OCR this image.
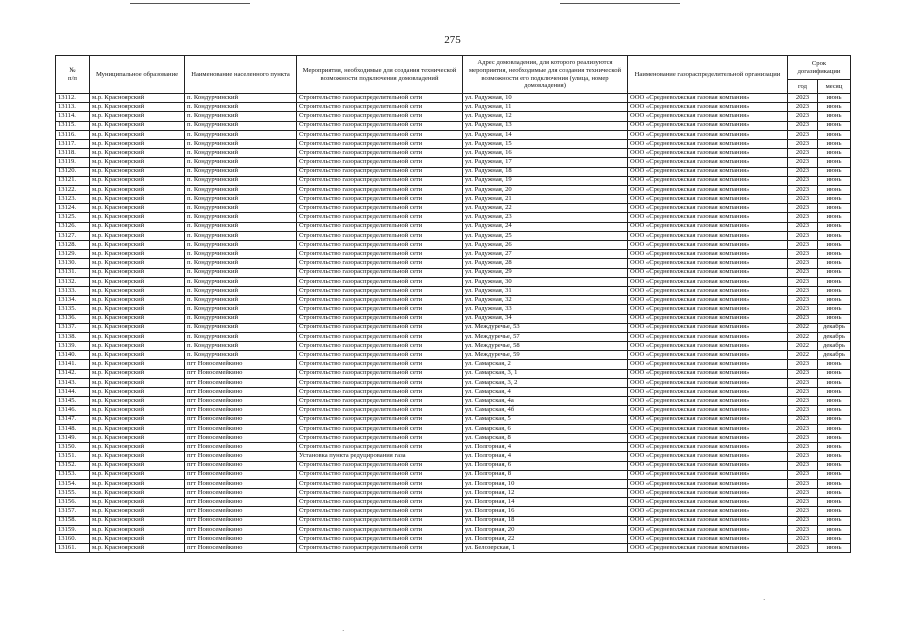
275
№
п/п	Муниципальное образование	Наименование населенного пункта	Мероприятия, необходимые для создания технической возможности подключения домовладений	Адрес домовладения, для которого реализуются мероприятия, необходимые для создания технической возможности его подключения (улица, номер домовладения)	Наименование газораспределительной организации	Срок догазификации	
						год	месяц
13112.	м.р. Красноярский	п. Кондурчинский	Строительство газораспределительной сети	ул. Радужная, 10	ООО «Средневолжская газовая компания»	2023	июнь
13113.	м.р. Красноярский	п. Кондурчинский	Строительство газораспределительной сети	ул. Радужная, 11	ООО «Средневолжская газовая компания»	2023	июнь
13114.	м.р. Красноярский	п. Кондурчинский	Строительство газораспределительной сети	ул. Радужная, 12	ООО «Средневолжская газовая компания»	2023	июнь
13115.	м.р. Красноярский	п. Кондурчинский	Строительство газораспределительной сети	ул. Радужная, 13	ООО «Средневолжская газовая компания»	2023	июнь
13116.	м.р. Красноярский	п. Кондурчинский	Строительство газораспределительной сети	ул. Радужная, 14	ООО «Средневолжская газовая компания»	2023	июнь
13117.	м.р. Красноярский	п. Кондурчинский	Строительство газораспределительной сети	ул. Радужная, 15	ООО «Средневолжская газовая компания»	2023	июнь
13118.	м.р. Красноярский	п. Кондурчинский	Строительство газораспределительной сети	ул. Радужная, 16	ООО «Средневолжская газовая компания»	2023	июнь
13119.	м.р. Красноярский	п. Кондурчинский	Строительство газораспределительной сети	ул. Радужная, 17	ООО «Средневолжская газовая компания»	2023	июнь
13120.	м.р. Красноярский	п. Кондурчинский	Строительство газораспределительной сети	ул. Радужная, 18	ООО «Средневолжская газовая компания»	2023	июнь
13121.	м.р. Красноярский	п. Кондурчинский	Строительство газораспределительной сети	ул. Радужная, 19	ООО «Средневолжская газовая компания»	2023	июнь
13122.	м.р. Красноярский	п. Кондурчинский	Строительство газораспределительной сети	ул. Радужная, 20	ООО «Средневолжская газовая компания»	2023	июнь
13123.	м.р. Красноярский	п. Кондурчинский	Строительство газораспределительной сети	ул. Радужная, 21	ООО «Средневолжская газовая компания»	2023	июнь
13124.	м.р. Красноярский	п. Кондурчинский	Строительство газораспределительной сети	ул. Радужная, 22	ООО «Средневолжская газовая компания»	2023	июнь
13125.	м.р. Красноярский	п. Кондурчинский	Строительство газораспределительной сети	ул. Радужная, 23	ООО «Средневолжская газовая компания»	2023	июнь
13126.	м.р. Красноярский	п. Кондурчинский	Строительство газораспределительной сети	ул. Радужная, 24	ООО «Средневолжская газовая компания»	2023	июнь
13127.	м.р. Красноярский	п. Кондурчинский	Строительство газораспределительной сети	ул. Радужная, 25	ООО «Средневолжская газовая компания»	2023	июнь
13128.	м.р. Красноярский	п. Кондурчинский	Строительство газораспределительной сети	ул. Радужная, 26	ООО «Средневолжская газовая компания»	2023	июнь
13129.	м.р. Красноярский	п. Кондурчинский	Строительство газораспределительной сети	ул. Радужная, 27	ООО «Средневолжская газовая компания»	2023	июнь
13130.	м.р. Красноярский	п. Кондурчинский	Строительство газораспределительной сети	ул. Радужная, 28	ООО «Средневолжская газовая компания»	2023	июнь
13131.	м.р. Красноярский	п. Кондурчинский	Строительство газораспределительной сети	ул. Радужная, 29	ООО «Средневолжская газовая компания»	2023	июнь
13132.	м.р. Красноярский	п. Кондурчинский	Строительство газораспределительной сети	ул. Радужная, 30	ООО «Средневолжская газовая компания»	2023	июнь
13133.	м.р. Красноярский	п. Кондурчинский	Строительство газораспределительной сети	ул. Радужная, 31	ООО «Средневолжская газовая компания»	2023	июнь
13134.	м.р. Красноярский	п. Кондурчинский	Строительство газораспределительной сети	ул. Радужная, 32	ООО «Средневолжская газовая компания»	2023	июнь
13135.	м.р. Красноярский	п. Кондурчинский	Строительство газораспределительной сети	ул. Радужная, 33	ООО «Средневолжская газовая компания»	2023	июнь
13136.	м.р. Красноярский	п. Кондурчинский	Строительство газораспределительной сети	ул. Радужная, 34	ООО «Средневолжская газовая компания»	2023	июнь
13137.	м.р. Красноярский	п. Кондурчинский	Строительство газораспределительной сети	ул. Междуречье, 53	ООО «Средневолжская газовая компания»	2022	декабрь
13138.	м.р. Красноярский	п. Кондурчинский	Строительство газораспределительной сети	ул. Междуречье, 57	ООО «Средневолжская газовая компания»	2022	декабрь
13139.	м.р. Красноярский	п. Кондурчинский	Строительство газораспределительной сети	ул. Междуречье, 58	ООО «Средневолжская газовая компания»	2022	декабрь
13140.	м.р. Красноярский	п. Кондурчинский	Строительство газораспределительной сети	ул. Междуречье, 59	ООО «Средневолжская газовая компания»	2022	декабрь
13141.	м.р. Красноярский	пгт Новосемейкино	Строительство газораспределительной сети	ул. Самарская, 2	ООО «Средневолжская газовая компания»	2023	июнь
13142.	м.р. Красноярский	пгт Новосемейкино	Строительство газораспределительной сети	ул. Самарская, 3, 1	ООО «Средневолжская газовая компания»	2023	июнь
13143.	м.р. Красноярский	пгт Новосемейкино	Строительство газораспределительной сети	ул. Самарская, 3, 2	ООО «Средневолжская газовая компания»	2023	июнь
13144.	м.р. Красноярский	пгт Новосемейкино	Строительство газораспределительной сети	ул. Самарская, 4	ООО «Средневолжская газовая компания»	2023	июнь
13145.	м.р. Красноярский	пгт Новосемейкино	Строительство газораспределительной сети	ул. Самарская, 4а	ООО «Средневолжская газовая компания»	2023	июнь
13146.	м.р. Красноярский	пгт Новосемейкино	Строительство газораспределительной сети	ул. Самарская, 4б	ООО «Средневолжская газовая компания»	2023	июнь
13147.	м.р. Красноярский	пгт Новосемейкино	Строительство газораспределительной сети	ул. Самарская, 5	ООО «Средневолжская газовая компания»	2023	июнь
13148.	м.р. Красноярский	пгт Новосемейкино	Строительство газораспределительной сети	ул. Самарская, 6	ООО «Средневолжская газовая компания»	2023	июнь
13149.	м.р. Красноярский	пгт Новосемейкино	Строительство газораспределительной сети	ул. Самарская, 8	ООО «Средневолжская газовая компания»	2023	июнь
13150.	м.р. Красноярский	пгт Новосемейкино	Строительство газораспределительной сети	ул. Полгорная, 4	ООО «Средневолжская газовая компания»	2023	июнь
13151.	м.р. Красноярский	пгт Новосемейкино	Установка пункта редуцирования газа	ул. Полгорная, 4	ООО «Средневолжская газовая компания»	2023	июнь
13152.	м.р. Красноярский	пгт Новосемейкино	Строительство газораспределительной сети	ул. Полгорная, 6	ООО «Средневолжская газовая компания»	2023	июнь
13153.	м.р. Красноярский	пгт Новосемейкино	Строительство газораспределительной сети	ул. Полгорная, 8	ООО «Средневолжская газовая компания»	2023	июнь
13154.	м.р. Красноярский	пгт Новосемейкино	Строительство газораспределительной сети	ул. Полгорная, 10	ООО «Средневолжская газовая компания»	2023	июнь
13155.	м.р. Красноярский	пгт Новосемейкино	Строительство газораспределительной сети	ул. Полгорная, 12	ООО «Средневолжская газовая компания»	2023	июнь
13156.	м.р. Красноярский	пгт Новосемейкино	Строительство газораспределительной сети	ул. Полгорная, 14	ООО «Средневолжская газовая компания»	2023	июнь
13157.	м.р. Красноярский	пгт Новосемейкино	Строительство газораспределительной сети	ул. Полгорная, 16	ООО «Средневолжская газовая компания»	2023	июнь
13158.	м.р. Красноярский	пгт Новосемейкино	Строительство газораспределительной сети	ул. Полгорная, 18	ООО «Средневолжская газовая компания»	2023	июнь
13159.	м.р. Красноярский	пгт Новосемейкино	Строительство газораспределительной сети	ул. Полгорная, 20	ООО «Средневолжская газовая компания»	2023	июнь
13160.	м.р. Красноярский	пгт Новосемейкино	Строительство газораспределительной сети	ул. Полгорная, 22	ООО «Средневолжская газовая компания»	2023	июнь
13161.	м.р. Красноярский	пгт Новосемейкино	Строительство газораспределительной сети	ул. Белозерская, 1	ООО «Средневолжская газовая компания»	2023	июнь
·
·
